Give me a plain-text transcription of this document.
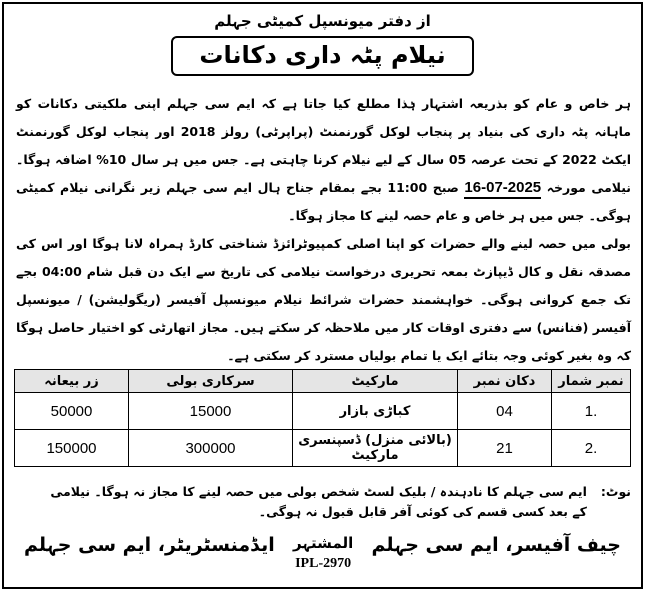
از دفتر میونسپل کمیٹی جہلم
نیلام پٹہ داری دکانات

ہر خاص و عام کو بذریعہ اشتہار ہٰذا مطلع کیا جاتا ہے کہ ایم سی جہلم اپنی ملکیتی دکانات کو ماہانہ پٹہ داری کی بنیاد پر پنجاب لوکل گورنمنٹ (پراپرٹی) رولز 2018 اور پنجاب لوکل گورنمنٹ ایکٹ 2022 کے تحت عرصہ 05 سال کے لیے نیلام کرنا چاہتی ہے۔ جس میں ہر سال 10% اضافہ ہوگا۔ نیلامی مورخہ 16-07-2025 صبح 11:00 بجے بمقام جناح ہال ایم سی جہلم زیر نگرانی نیلام کمیٹی ہوگی۔ جس میں ہر خاص و عام حصہ لینے کا مجاز ہوگا۔

بولی میں حصہ لینے والے حضرات کو اپنا اصلی کمپیوٹرائزڈ شناختی کارڈ ہمراہ لانا ہوگا اور اس کی مصدقہ نقل و کال ڈیپازٹ بمعہ تحریری درخواست نیلامی کی تاریخ سے ایک دن قبل شام 04:00 بجے تک جمع کروانی ہوگی۔ خواہشمند حضرات شرائط نیلام میونسپل آفیسر (ریگولیشن) / میونسپل آفیسر (فنانس) سے دفتری اوقات کار میں ملاحظہ کر سکتے ہیں۔ مجاز اتھارٹی کو اختیار حاصل ہوگا کہ وہ بغیر کوئی وجہ بتائے ایک یا تمام بولیاں مسترد کر سکتی ہے۔

نمبر شمار	دکان نمبر	مارکیٹ	سرکاری بولی	زر بیعانہ
1.	04	کباڑی بازار	15000	50000
2.	21	(بالائی منزل) ڈسپنسری مارکیٹ	300000	150000
نوٹ:
ایم سی جہلم کا نادہندہ / بلیک لسٹ شخص بولی میں حصہ لینے کا مجاز نہ ہوگا۔ نیلامی کے بعد کسی قسم کی کوئی آفر قابل قبول نہ ہوگی۔
چیف آفیسر، ایم سی جہلم
المشتہر
IPL-2970
ایڈمنسٹریٹر، ایم سی جہلم
